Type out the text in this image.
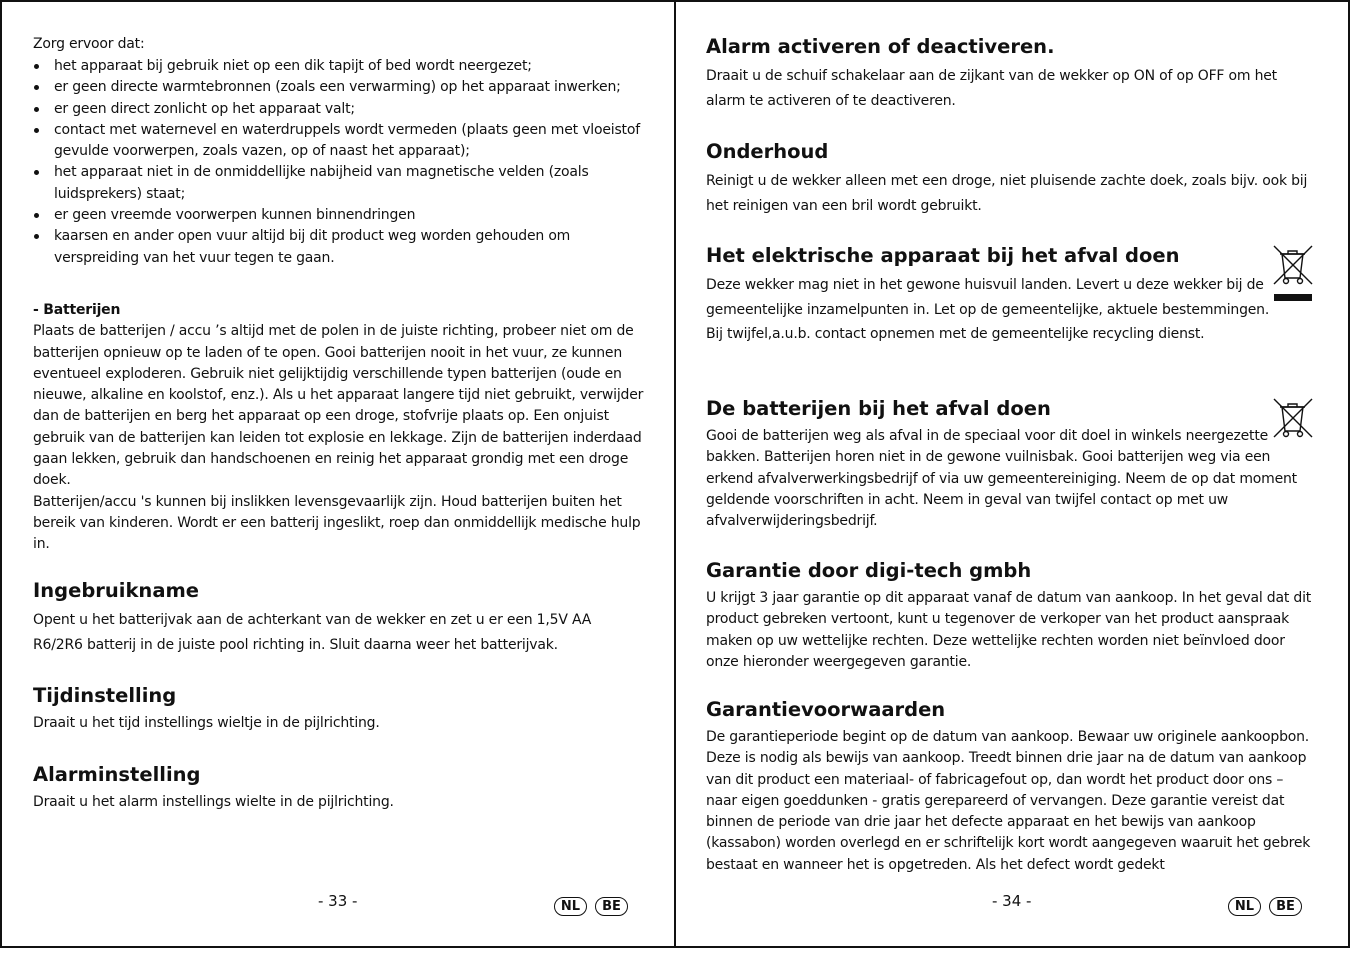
Zorg ervoor dat:

het apparaat bij gebruik niet op een dik tapijt of bed wordt neergezet;
er geen directe warmtebronnen (zoals een verwarming) op het apparaat inwerken;
er geen direct zonlicht op het apparaat valt;
contact met waternevel en waterdruppels wordt vermeden (plaats geen met vloeistof gevulde voorwerpen, zoals vazen, op of naast het apparaat);
het apparaat niet in de onmiddellijke nabijheid van magnetische velden (zoals luidsprekers) staat;
er geen vreemde voorwerpen kunnen binnendringen
kaarsen en ander open vuur altijd bij dit product weg worden gehouden om verspreiding van het vuur tegen te gaan.
- Batterijen

Plaats de batterijen / accu ’s altijd met de polen in de juiste richting, probeer niet om de batterijen opnieuw op te laden of te open. Gooi batterijen nooit in het vuur, ze kunnen eventueel exploderen. Gebruik niet gelijktijdig verschillende typen batterijen (oude en nieuwe, alkaline en koolstof, enz.). Als u het apparaat langere tijd niet gebruikt, verwijder dan de batterijen en berg het apparaat op een droge, stofvrije plaats op. Een onjuist gebruik van de batterijen kan leiden tot explosie en lekkage. Zijn de batterijen inderdaad gaan lekken, gebruik dan handschoenen en reinig het apparaat grondig met een droge doek.

Batterijen/accu 's kunnen bij inslikken levensgevaarlijk zijn. Houd batterijen buiten het bereik van kinderen. Wordt er een batterij ingeslikt, roep dan onmiddellijk medische hulp in.

Ingebruikname

Opent u het batterijvak aan de achterkant van de wekker en zet u er een 1,5V AA R6/2R6 batterij in de juiste pool richting in. Sluit daarna weer het batterijvak.

Tijdinstelling

Draait u het tijd instellings wieltje in de pijlrichting.

Alarminstelling

Draait u het alarm instellings wielte in de pijlrichting.

- 33 -	NL	BE
Alarm activeren of deactiveren.

Draait u de schuif schakelaar aan de zijkant van de wekker op ON of op OFF om het alarm te activeren of te deactiveren.

Onderhoud

Reinigt u de wekker alleen met een droge, niet pluisende zachte doek, zoals bijv. ook bij het reinigen van een bril wordt gebruikt.

Het elektrische apparaat bij het afval doen

Deze wekker mag niet in het gewone huisvuil landen. Levert u deze wekker bij de gemeentelijke inzamelpunten in. Let op de gemeentelijke, aktuele bestemmingen. Bij twijfel,a.u.b. contact opnemen met de gemeentelijke recycling dienst.

De batterijen bij het afval doen

Gooi de batterijen weg als afval in de speciaal voor dit doel in winkels neergezette bakken. Batterijen horen niet in de gewone vuilnisbak. Gooi batterijen weg via een erkend afvalverwerkingsbedrijf of via uw gemeentereiniging. Neem de op dat moment geldende voorschriften in acht. Neem in geval van twijfel contact op met uw afvalverwijderingsbedrijf.

Garantie door digi-tech gmbh

U krijgt 3 jaar garantie op dit apparaat vanaf de datum van aankoop. In het geval dat dit product gebreken vertoont, kunt u tegenover de verkoper van het product aanspraak maken op uw wettelijke rechten. Deze wettelijke rechten worden niet beïnvloed door onze hieronder weergegeven garantie.

Garantievoorwaarden

De garantieperiode begint op de datum van aankoop. Bewaar uw originele aankoopbon. Deze is nodig als bewijs van aankoop. Treedt binnen drie jaar na de datum van aankoop van dit product een materiaal- of fabricagefout op, dan wordt het product door ons – naar eigen goeddunken - gratis gerepareerd of vervangen. Deze garantie vereist dat binnen de periode van drie jaar het defecte apparaat en het bewijs van aankoop (kassabon) worden overlegd en er schriftelijk kort wordt aangegeven waaruit het gebrek bestaat en wanneer het is opgetreden. Als het defect wordt gedekt

- 34 -	NL	BE
